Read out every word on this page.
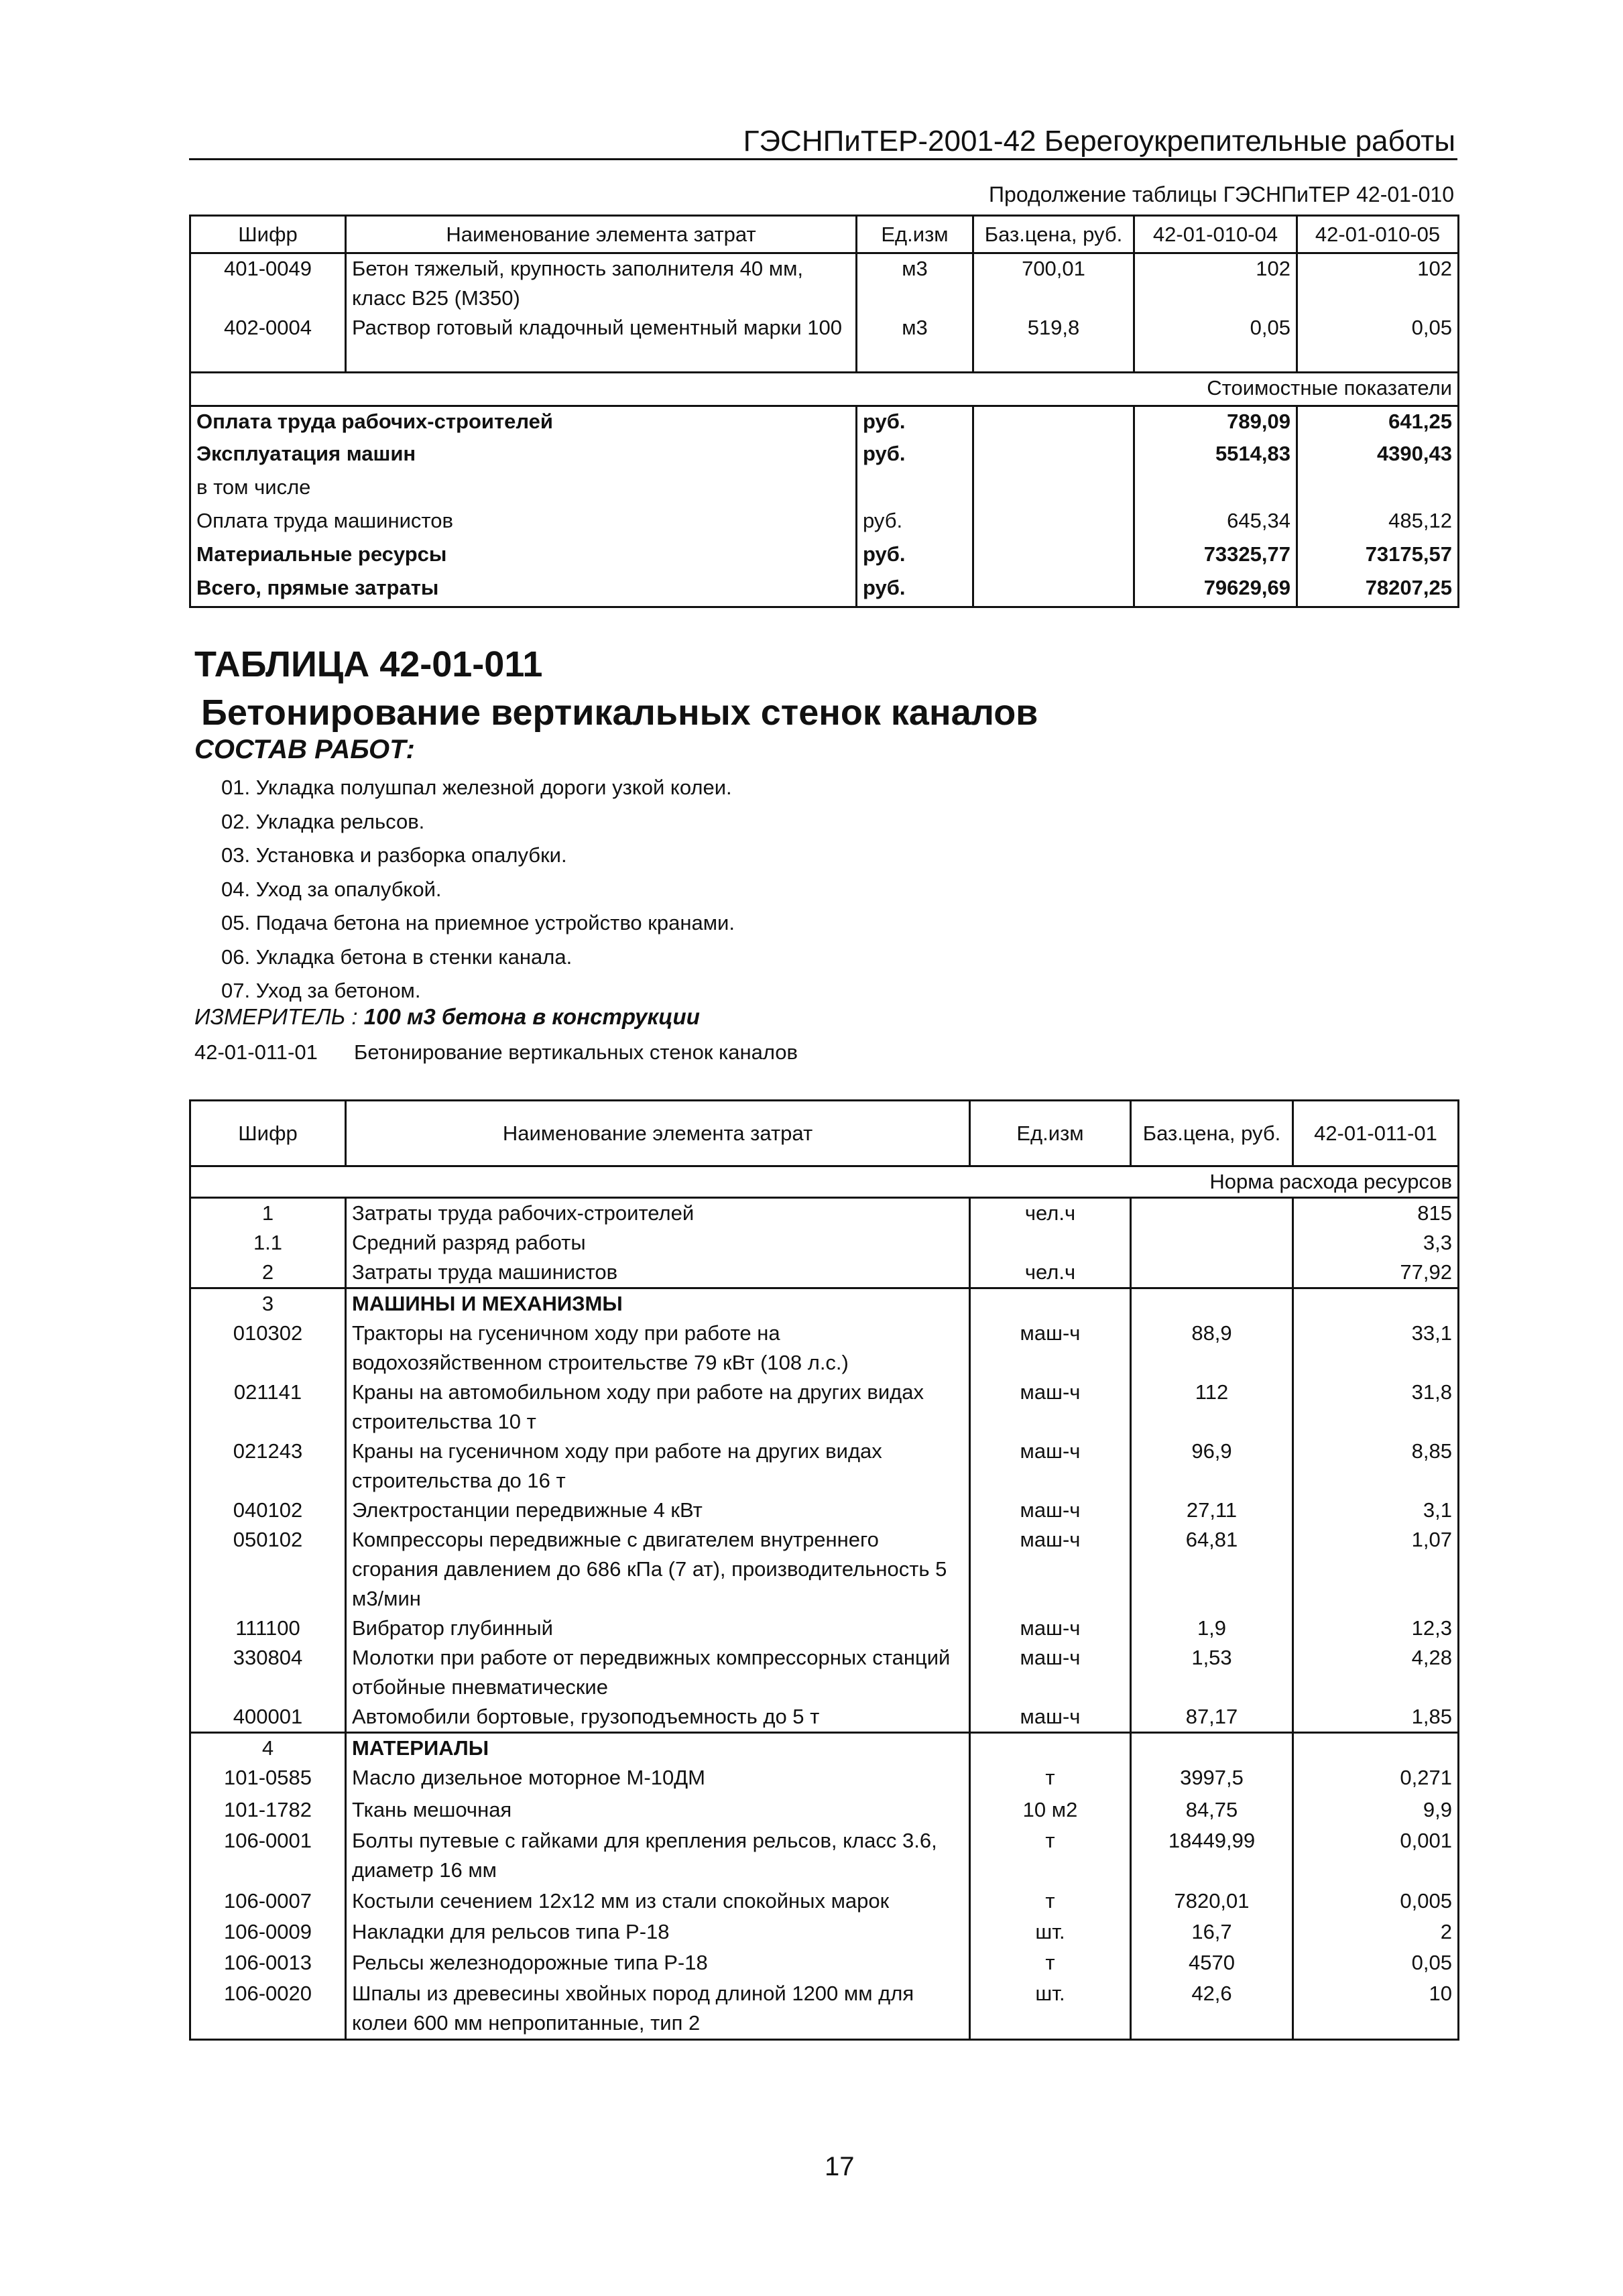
ГЭСНПиТЕР-2001-42 Берегоукрепительные работы
Продолжение таблицы ГЭСНПиТЕР 42-01-010
Шифр	Наименование элемента затрат	Ед.изм	Баз.цена, руб.	42-01-010-04	42-01-010-05
401-0049	Бетон тяжелый, крупность заполнителя 40 мм, класс В25 (М350)	м3	700,01	102	102
402-0004	Раствор готовый кладочный цементный марки 100	м3	519,8	0,05	0,05
Стоимостные показатели					
Оплата труда рабочих-строителей		руб.		789,09	641,25
Эксплуатация машин		руб.		5514,83	4390,43
в том числе					
Оплата труда машинистов		руб.		645,34	485,12
Материальные ресурсы		руб.		73325,77	73175,57
Всего, прямые затраты		руб.		79629,69	78207,25
ТАБЛИЦА 42-01-011
Бетонирование вертикальных стенок каналов
СОСТАВ РАБОТ:
01. Укладка полушпал железной дороги узкой колеи.
02. Укладка рельсов.
03. Установка и разборка опалубки.
04. Уход за опалубкой.
05. Подача бетона на приемное устройство кранами.
06. Укладка бетона в стенки канала.
07. Уход за бетоном.
ИЗМЕРИТЕЛЬ : 100 м3 бетона в конструкции
42-01-011-01 Бетонирование вертикальных стенок каналов
Шифр	Наименование элемента затрат	Ед.изм	Баз.цена, руб.	42-01-011-01
Норма расхода ресурсов				
1	Затраты труда рабочих-строителей	чел.ч		815
1.1	Средний разряд работы			3,3
2	Затраты труда машинистов	чел.ч		77,92
3	МАШИНЫ И МЕХАНИЗМЫ			
010302	Тракторы на гусеничном ходу при работе на водохозяйственном строительстве 79 кВт (108 л.с.)	маш-ч	88,9	33,1
021141	Краны на автомобильном ходу при работе на других видах строительства 10 т	маш-ч	112	31,8
021243	Краны на гусеничном ходу при работе на других видах строительства до 16 т	маш-ч	96,9	8,85
040102	Электростанции передвижные 4 кВт	маш-ч	27,11	3,1
050102	Компрессоры передвижные с двигателем внутреннего сгорания давлением до 686 кПа (7 ат), производительность 5 м3/мин	маш-ч	64,81	1,07
111100	Вибратор глубинный	маш-ч	1,9	12,3
330804	Молотки при работе от передвижных компрессорных станций отбойные пневматические	маш-ч	1,53	4,28
400001	Автомобили бортовые, грузоподъемность до 5 т	маш-ч	87,17	1,85
4	МАТЕРИАЛЫ			
101-0585	Масло дизельное моторное М-10ДМ	т	3997,5	0,271
101-1782	Ткань мешочная	10 м2	84,75	9,9
106-0001	Болты путевые с гайками для крепления рельсов, класс 3.6, диаметр 16 мм	т	18449,99	0,001
106-0007	Костыли сечением 12х12 мм из стали спокойных марок	т	7820,01	0,005
106-0009	Накладки для рельсов типа Р-18	шт.	16,7	2
106-0013	Рельсы железнодорожные типа Р-18	т	4570	0,05
106-0020	Шпалы из древесины хвойных пород длиной 1200 мм для колеи 600 мм непропитанные, тип 2	шт.	42,6	10
17
